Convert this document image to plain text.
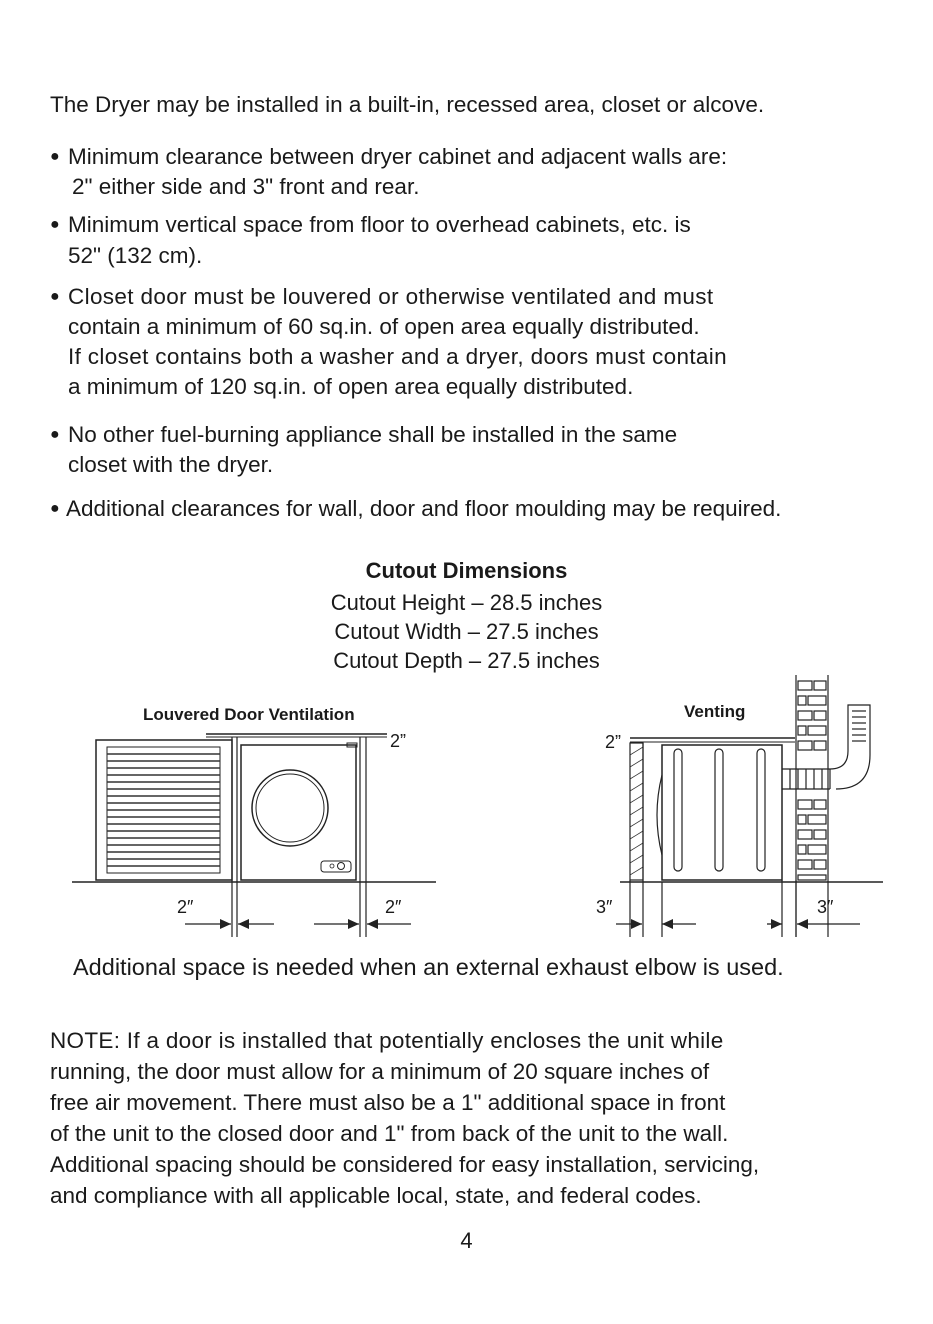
The Dryer may be installed in a built-in, recessed area, closet or alcove.
● Minimum clearance between dryer cabinet and adjacent walls are:
2" either side and 3" front and rear.
● Minimum vertical space from floor to overhead cabinets, etc. is
52" (132 cm).
● Closet door must be louvered or otherwise ventilated and must
contain a minimum of 60 sq.in. of open area equally distributed.
If closet contains both a washer and a dryer, doors must contain
a minimum of 120 sq.in. of open area equally distributed.
● No other fuel-burning appliance shall be installed in the same
closet with the dryer.
● Additional clearances for wall, door and floor moulding may be required.
Cutout Dimensions
Cutout Height – 28.5 inches
Cutout Width – 27.5 inches
Cutout Depth – 27.5 inches
Louvered Door Ventilation
2”
2″	2″
Venting
2”
3″	3″
Additional space is needed when an external exhaust elbow is used.
NOTE: If a door is installed that potentially encloses the unit while
running, the door must allow for a minimum of 20 square inches of
free air movement. There must also be a 1" additional space in front
of the unit to the closed door and 1" from back of the unit to the wall.
Additional spacing should be considered for easy installation, servicing,
and compliance with all applicable local, state, and federal codes.
4
